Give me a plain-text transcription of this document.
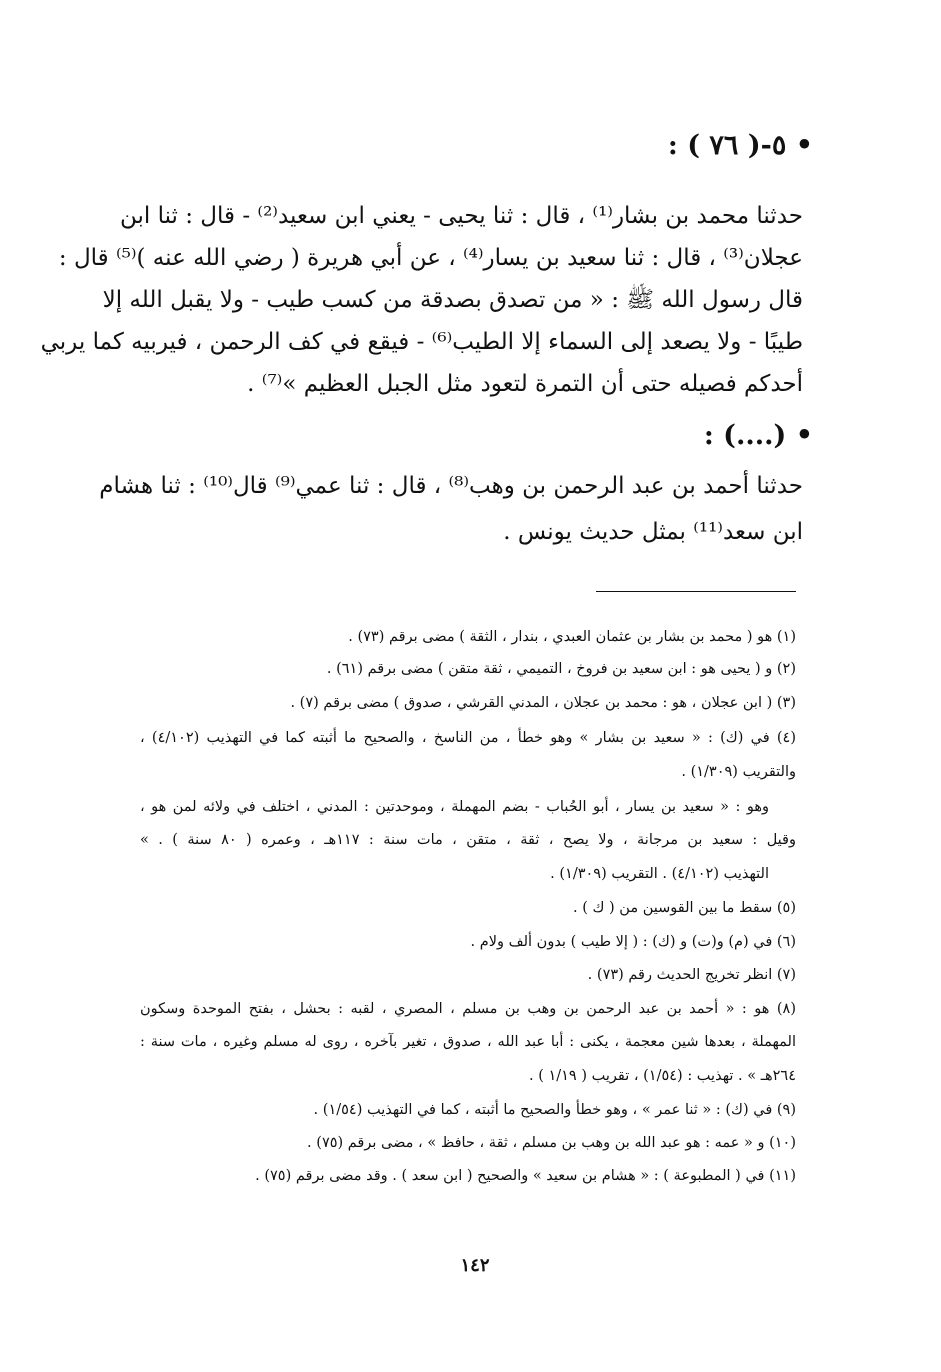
• ٥-( ٧٦ ) :
حدثنا محمد بن بشار⁽¹⁾ ، قال : ثنا يحيى - يعني ابن سعيد⁽²⁾ - قال : ثنا ابن
عجلان⁽³⁾ ، قال : ثنا سعيد بن يسار⁽⁴⁾ ، عن أبي هريرة ( رضي الله عنه )⁽⁵⁾ قال :
قال رسول الله ﷺ : « من تصدق بصدقة من كسب طيب - ولا يقبل الله إلا
طيبًا - ولا يصعد إلى السماء إلا الطيب⁽⁶⁾ - فيقع في كف الرحمن ، فيربيه كما يربي
أحدكم فصيله حتى أن التمرة لتعود مثل الجبل العظيم »⁽⁷⁾ .
• (....) :
حدثنا أحمد بن عبد الرحمن بن وهب⁽⁸⁾ ، قال : ثنا عمي⁽⁹⁾ قال⁽¹⁰⁾ : ثنا هشام
ابن سعد⁽¹¹⁾ بمثل حديث يونس .
(١) هو ( محمد بن بشار بن عثمان العبدي ، بندار ، الثقة ) مضى برقم (٧٣) .
(٢) و ( يحيى هو : ابن سعيد بن فروخ ، التميمي ، ثقة متقن ) مضى برقم (٦١) .
(٣) ( ابن عجلان ، هو : محمد بن عجلان ، المدني القرشي ، صدوق ) مضى برقم (٧) .
(٤) في (ك) : « سعيد بن بشار » وهو خطأ ، من الناسخ ، والصحيح ما أثبته كما في التهذيب (٤/١٠٢) ،
والتقريب (١/٣٠٩) .
وهو : « سعيد بن يسار ، أبو الحُباب - بضم المهملة ، وموحدتين : المدني ، اختلف في ولائه لمن هو ،
وقيل : سعيد بن مرجانة ، ولا يصح ، ثقة ، متقن ، مات سنة : ١١٧هـ ، وعمره ( ٨٠ سنة ) . »
التهذيب (٤/١٠٢) . التقريب (١/٣٠٩) .
(٥) سقط ما بين القوسين من ( ك ) .
(٦) في (م) و(ت) و (ك) : ( إلا طيب ) بدون ألف ولام .
(٧) انظر تخريج الحديث رقم (٧٣) .
(٨) هو : « أحمد بن عبد الرحمن بن وهب بن مسلم ، المصري ، لقبه : بحشل ، بفتح الموحدة وسكون
المهملة ، بعدها شين معجمة ، يكنى : أبا عبد الله ، صدوق ، تغير بآخره ، روى له مسلم وغيره ، مات سنة :
٢٦٤هـ » . تهذيب : (١/٥٤) ، تقريب ( ١/١٩ ) .
(٩) في (ك) : « ثنا عمر » ، وهو خطأ والصحيح ما أثبته ، كما في التهذيب (١/٥٤) .
(١٠) و « عمه : هو عبد الله بن وهب بن مسلم ، ثقة ، حافظ » ، مضى برقم (٧٥) .
(١١) في ( المطبوعة ) : « هشام بن سعيد » والصحيح ( ابن سعد ) . وقد مضى برقم (٧٥) .
١٤٢
